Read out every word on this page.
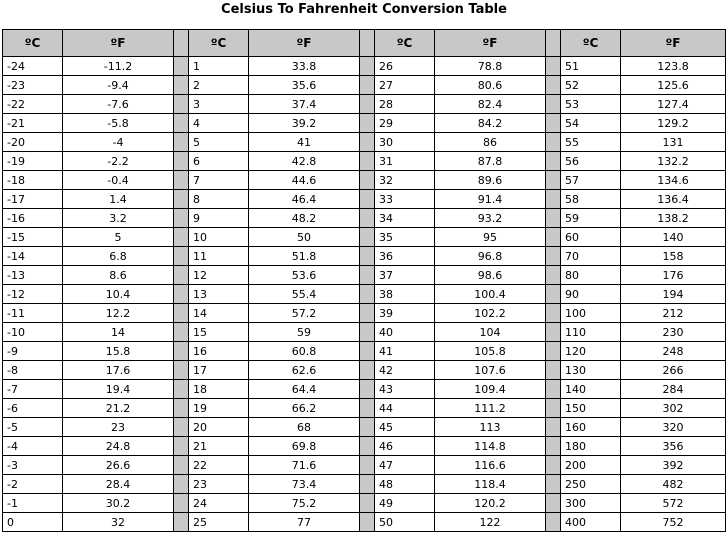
Celsius To Fahrenheit Conversion Table
ºC	ºF		ºC	ºF		ºC	ºF		ºC	ºF
-24	-11.2		1	33.8		26	78.8		51	123.8
-23	-9.4		2	35.6		27	80.6		52	125.6
-22	-7.6		3	37.4		28	82.4		53	127.4
-21	-5.8		4	39.2		29	84.2		54	129.2
-20	-4		5	41		30	86		55	131
-19	-2.2		6	42.8		31	87.8		56	132.2
-18	-0.4		7	44.6		32	89.6		57	134.6
-17	1.4		8	46.4		33	91.4		58	136.4
-16	3.2		9	48.2		34	93.2		59	138.2
-15	5		10	50		35	95		60	140
-14	6.8		11	51.8		36	96.8		70	158
-13	8.6		12	53.6		37	98.6		80	176
-12	10.4		13	55.4		38	100.4		90	194
-11	12.2		14	57.2		39	102.2		100	212
-10	14		15	59		40	104		110	230
-9	15.8		16	60.8		41	105.8		120	248
-8	17.6		17	62.6		42	107.6		130	266
-7	19.4		18	64.4		43	109.4		140	284
-6	21.2		19	66.2		44	111.2		150	302
-5	23		20	68		45	113		160	320
-4	24.8		21	69.8		46	114.8		180	356
-3	26.6		22	71.6		47	116.6		200	392
-2	28.4		23	73.4		48	118.4		250	482
-1	30.2		24	75.2		49	120.2		300	572
0	32		25	77		50	122		400	752
